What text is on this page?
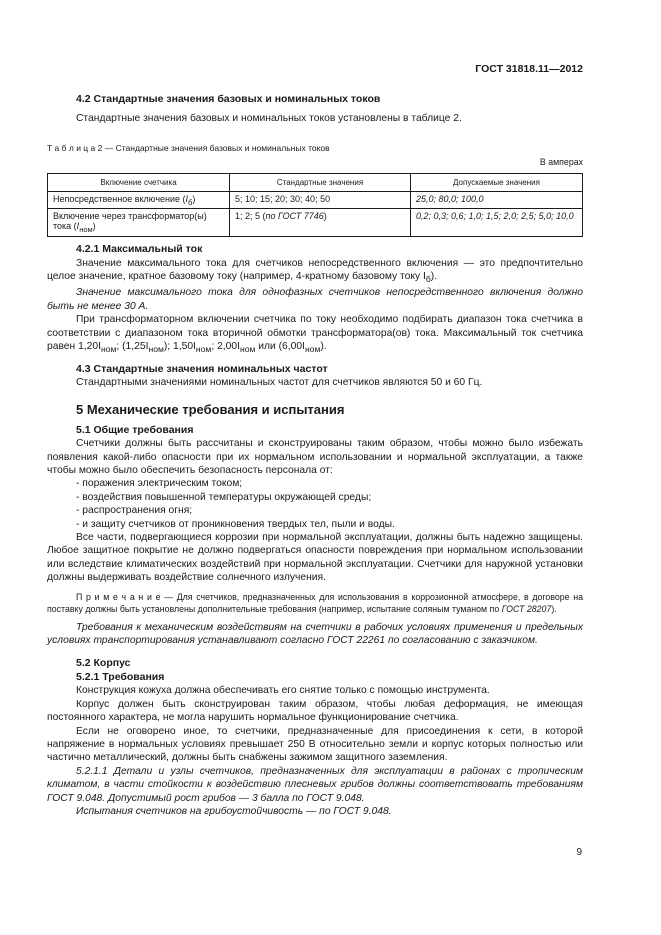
ГОСТ 31818.11—2012

4.2 Стандартные значения базовых и номинальных токов

Стандартные значения базовых и номинальных токов установлены в таблице 2.

Т а б л и ц а 2 — Стандартные значения базовых и номинальных токов

В амперах

Включение счетчика	Стандартные значения	Допускаемые значения
Непосредственное включение $(I_б)$	5; 10; 15; 20; 30; 40; 50	25,0; 80,0; 100,0
Включение через трансформатор(ы) тока $(I_{ном})$	1; 2; 5 (по ГОСТ 7746)	0,2; 0,3; 0,6; 1,0; 1,5; 2,0; 2,5; 5,0; 10,0

4.2.1 Максимальный ток

Значение максимального тока для счетчиков непосредственного включения — это предпочтительно целое значение, кратное базовому току (например, 4-кратному базовому току $I_б$).

Значение максимального тока для однофазных счетчиков непосредственного включения должно быть не менее 30 А.

При трансформаторном включении счетчика по току необходимо подбирать диапазон тока счетчика в соответствии с диапазоном тока вторичной обмотки трансформатора(ов) тока. Максимальный ток счетчика равен $1,20I_{ном}$; $(1,25I_{ном})$; $1,50I_{ном}$; $2,00I_{ном}$ или $(6,00I_{ном})$.

4.3 Стандартные значения номинальных частот

Стандартными значениями номинальных частот для счетчиков являются 50 и 60 Гц.

5 Механические требования и испытания

5.1 Общие требования

Счетчики должны быть рассчитаны и сконструированы таким образом, чтобы можно было избежать появления какой-либо опасности при их нормальном использовании и нормальной эксплуатации, а также чтобы можно было обеспечить безопасность персонала от:

- поражения электрическим током;
- воздействия повышенной температуры окружающей среды;
- распространения огня;
- и защиту счетчиков от проникновения твердых тел, пыли и воды.

Все части, подвергающиеся коррозии при нормальной эксплуатации, должны быть надежно защищены. Любое защитное покрытие не должно подвергаться опасности повреждения при нормальном использовании или вследствие климатических воздействий при нормальной эксплуатации. Счетчики для наружной установки должны выдерживать воздействие солнечного излучения.

П р и м е ч а н и е — Для счетчиков, предназначенных для использования в коррозионной атмосфере, в договоре на поставку должны быть установлены дополнительные требования (например, испытание соляным туманом по ГОСТ 28207).

Требования к механическим воздействиям на счетчики в рабочих условиях применения и предельных условиях транспортирования устанавливают согласно ГОСТ 22261 по согласованию с заказчиком.

5.2 Корпус

5.2.1 Требования

Конструкция кожуха должна обеспечивать его снятие только с помощью инструмента.

Корпус должен быть сконструирован таким образом, чтобы любая деформация, не имеющая постоянного характера, не могла нарушить нормальное функционирование счетчика.

Если не оговорено иное, то счетчики, предназначенные для присоединения к сети, в которой напряжение в нормальных условиях превышает 250 В относительно земли и корпус которых полностью или частично металлический, должны быть снабжены зажимом защитного заземления.

5.2.1.1 Детали и узлы счетчиков, предназначенных для эксплуатации в районах с тропическим климатом, в части стойкости к воздействию плесневых грибов должны соответствовать требованиям ГОСТ 9.048. Допустимый рост грибов — 3 балла по ГОСТ 9.048.

Испытания счетчиков на грибоустойчивость — по ГОСТ 9.048.

9
